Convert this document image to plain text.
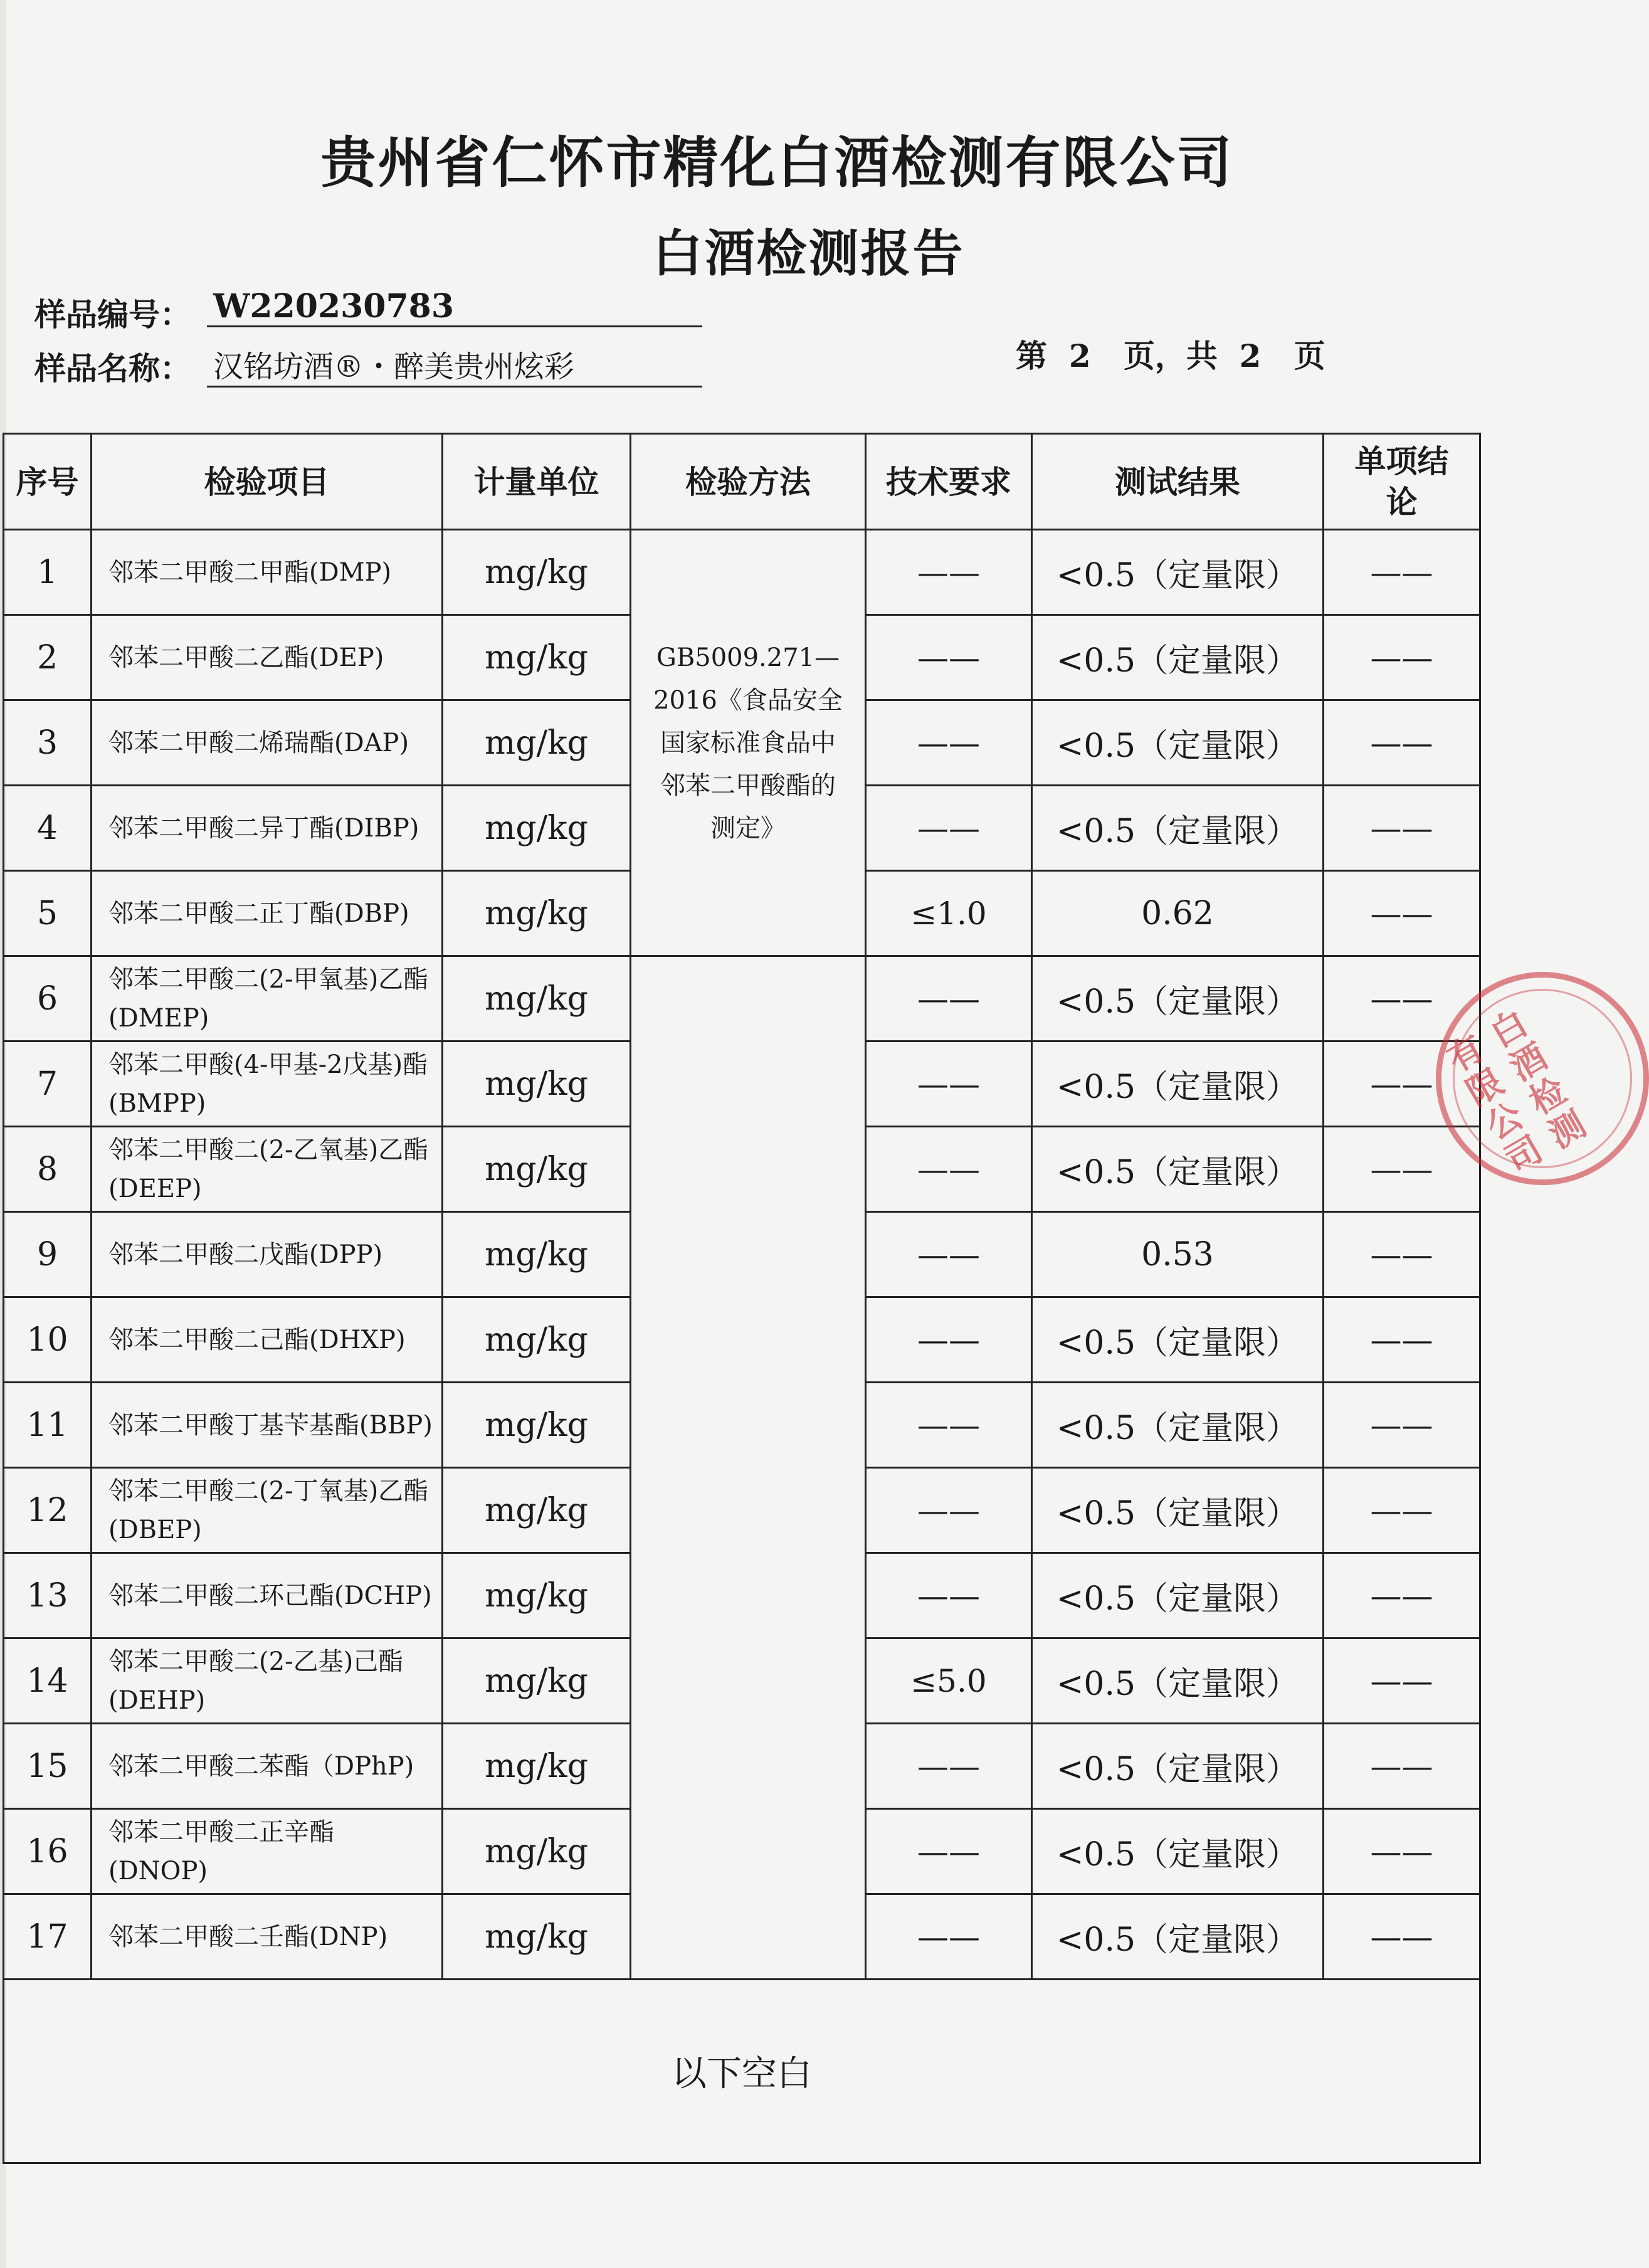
贵州省仁怀市精化白酒检测有限公司
白酒检测报告
样品编号： W220230783
样品名称： 汉铭坊酒®・醉美贵州炫彩	第  2   页，共  2   页
序号	检验项目	计量单位	检验方法	技术要求	测试结果	单项结论
1	邻苯二甲酸二甲酯(DMP)	mg/kg	GB5009.271—2016《食品安全国家标准食品中邻苯二甲酸酯的测定》	——	<0.5（定量限）	——
2	邻苯二甲酸二乙酯(DEP)	mg/kg		——	<0.5（定量限）	——
3	邻苯二甲酸二烯瑞酯(DAP)	mg/kg		——	<0.5（定量限）	——
4	邻苯二甲酸二异丁酯(DIBP)	mg/kg		——	<0.5（定量限）	——
5	邻苯二甲酸二正丁酯(DBP)	mg/kg		≤1.0	0.62	——
6	邻苯二甲酸二(2-甲氧基)乙酯(DMEP)	mg/kg		——	<0.5（定量限）	——
7	邻苯二甲酸(4-甲基-2戊基)酯(BMPP)	mg/kg		——	<0.5（定量限）	——
8	邻苯二甲酸二(2-乙氧基)乙酯(DEEP)	mg/kg		——	<0.5（定量限）	——
9	邻苯二甲酸二戊酯(DPP)	mg/kg		——	0.53	——
10	邻苯二甲酸二己酯(DHXP)	mg/kg		——	<0.5（定量限）	——
11	邻苯二甲酸丁基苄基酯(BBP)	mg/kg		——	<0.5（定量限）	——
12	邻苯二甲酸二(2-丁氧基)乙酯(DBEP)	mg/kg		——	<0.5（定量限）	——
13	邻苯二甲酸二环己酯(DCHP)	mg/kg		——	<0.5（定量限）	——
14	邻苯二甲酸二(2-乙基)己酯(DEHP)	mg/kg		≤5.0	<0.5（定量限）	——
15	邻苯二甲酸二苯酯（DPhP)	mg/kg		——	<0.5（定量限）	——
16	邻苯二甲酸二正辛酯(DNOP)	mg/kg		——	<0.5（定量限）	——
17	邻苯二甲酸二壬酯(DNP)	mg/kg		——	<0.5（定量限）	——
以下空白						
白酒检测有限公司
